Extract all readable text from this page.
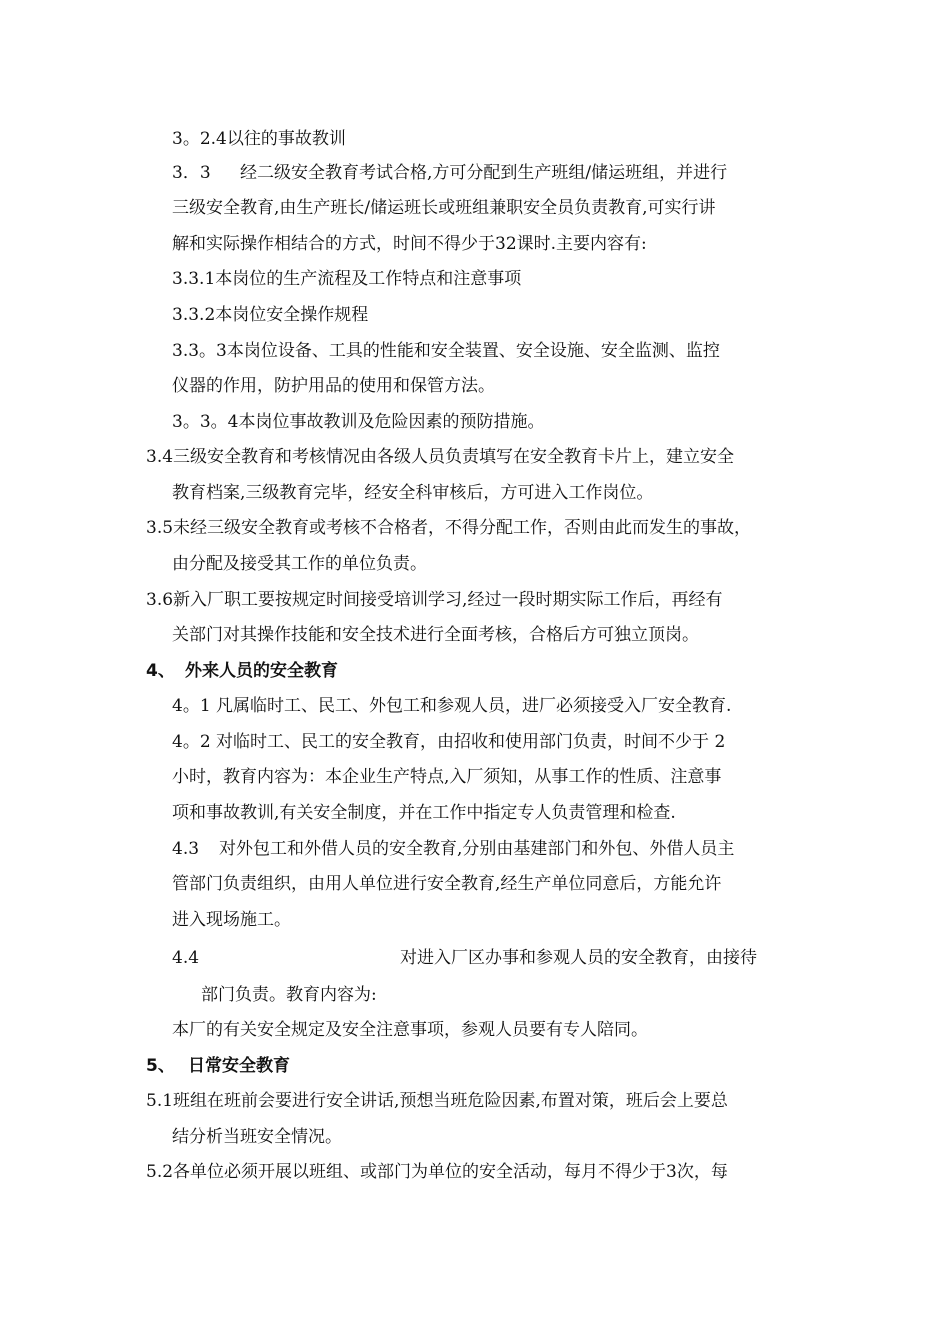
3。2.4以往的事故教训
3．3 经二级安全教育考试合格,方可分配到生产班组/储运班组，并进行
三级安全教育,由生产班长/储运班长或班组兼职安全员负责教育,可实行讲
解和实际操作相结合的方式，时间不得少于32课时.主要内容有:
3.3.1本岗位的生产流程及工作特点和注意事项
3.3.2本岗位安全操作规程
3.3。3本岗位设备、工具的性能和安全装置、安全设施、安全监测、监控
仪器的作用，防护用品的使用和保管方法。
3。3。4本岗位事故教训及危险因素的预防措施。
3.4三级安全教育和考核情况由各级人员负责填写在安全教育卡片上，建立安全
教育档案,三级教育完毕，经安全科审核后，方可进入工作岗位。
3.5未经三级安全教育或考核不合格者，不得分配工作，否则由此而发生的事故，
由分配及接受其工作的单位负责。
3.6新入厂职工要按规定时间接受培训学习,经过一段时期实际工作后，再经有
关部门对其操作技能和安全技术进行全面考核，合格后方可独立顶岗。
4、 外来人员的安全教育
4。1 凡属临时工、民工、外包工和参观人员，进厂必须接受入厂安全教育.
4。2 对临时工、民工的安全教育，由招收和使用部门负责，时间不少于 2
小时，教育内容为：本企业生产特点,入厂须知，从事工作的性质、注意事
项和事故教训,有关安全制度，并在工作中指定专人负责管理和检查.
4.3 对外包工和外借人员的安全教育,分别由基建部门和外包、外借人员主
管部门负责组织，由用人单位进行安全教育,经生产单位同意后，方能允许
进入现场施工。
4.4	对进入厂区办事和参观人员的安全教育，由接待
部门负责。教育内容为:
本厂的有关安全规定及安全注意事项，参观人员要有专人陪同。
5、 日常安全教育
5.1班组在班前会要进行安全讲话,预想当班危险因素,布置对策，班后会上要总
结分析当班安全情况。
5.2各单位必须开展以班组、或部门为单位的安全活动，每月不得少于3次，每
